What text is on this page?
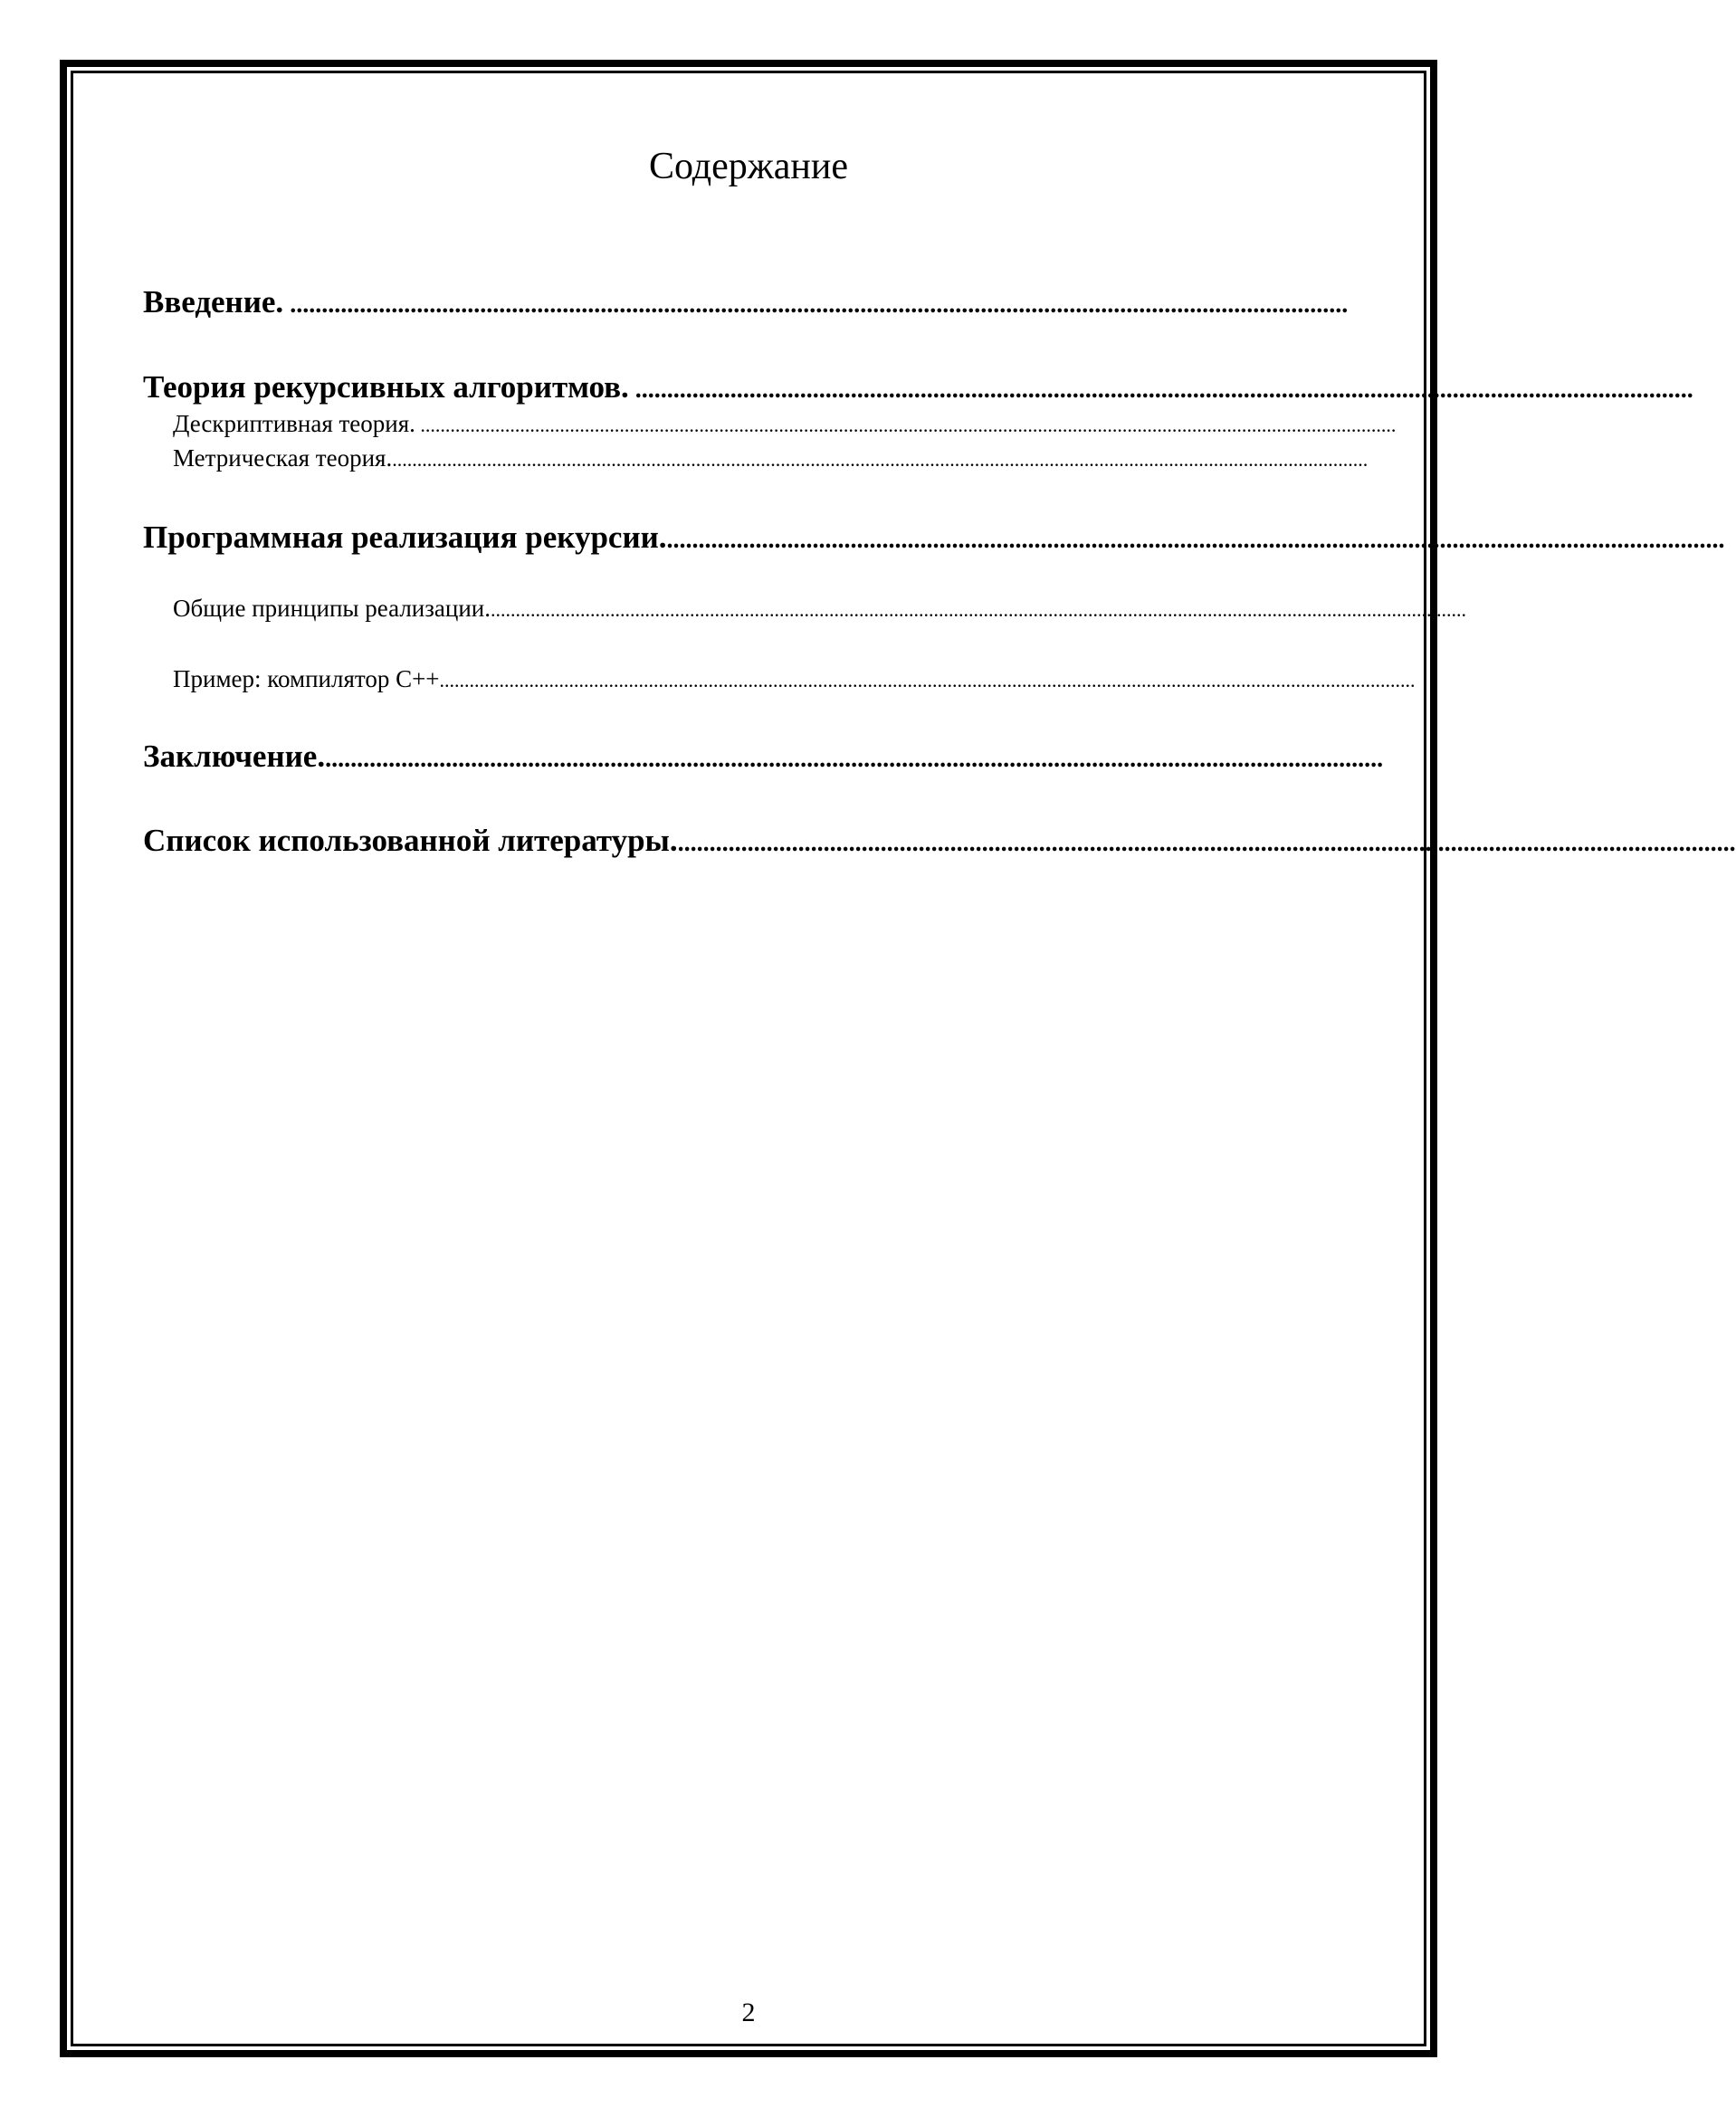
Содержание
Введение. .......................................................................................................................................................................
Теория рекурсивных алгоритмов. .......................................................................................................................................................................
Дескриптивная теория. ....................................................................................................................................................................................................
Метрическая теория. ....................................................................................................................................................................................................
Программная реализация рекурсии. .......................................................................................................................................................................
Общие принципы реализации. ....................................................................................................................................................................................................
Пример: компилятор С++ ....................................................................................................................................................................................................
Заключение. .......................................................................................................................................................................
Список использованной литературы. .......................................................................................................................................................................
2
